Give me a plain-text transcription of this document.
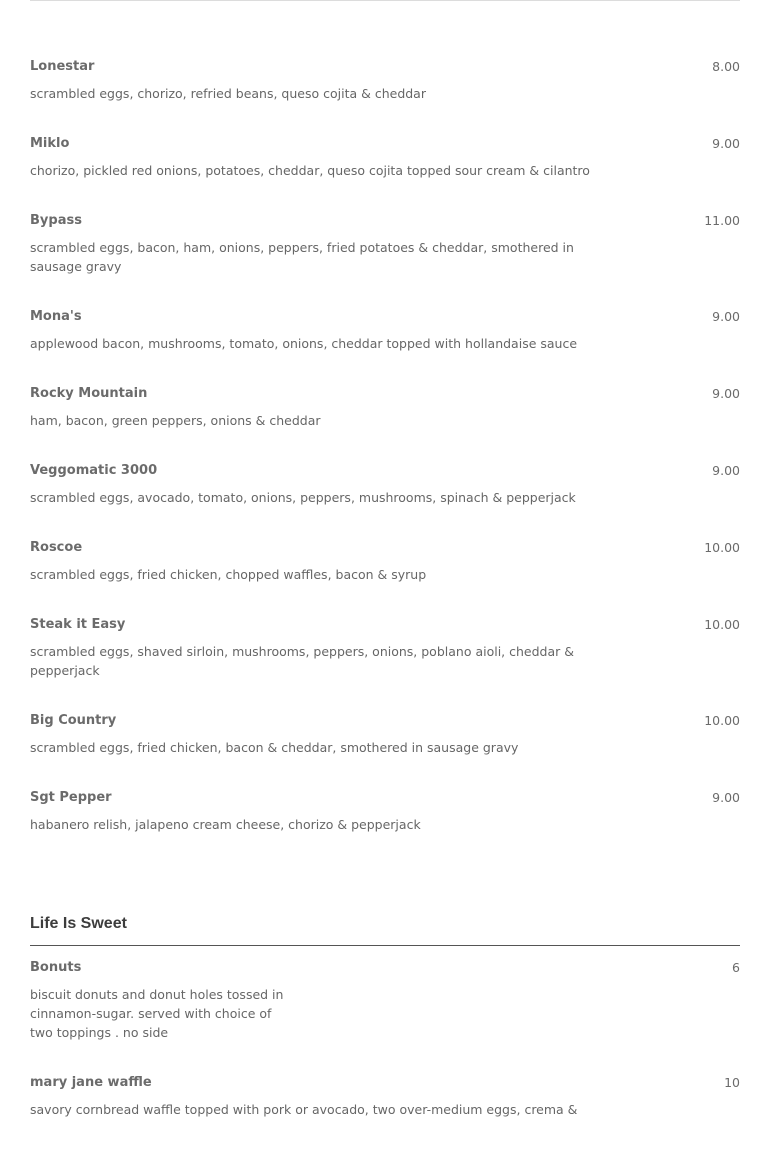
Lonestar	8.00
scrambled eggs, chorizo, refried beans, queso cojita & cheddar
Miklo	9.00
chorizo, pickled red onions, potatoes, cheddar, queso cojita topped sour cream & cilantro
Bypass	11.00
scrambled eggs, bacon, ham, onions, peppers, fried potatoes & cheddar, smothered in sausage gravy
Mona's	9.00
applewood bacon, mushrooms, tomato, onions, cheddar topped with hollandaise sauce
Rocky Mountain	9.00
ham, bacon, green peppers, onions & cheddar
Veggomatic 3000	9.00
scrambled eggs, avocado, tomato, onions, peppers, mushrooms, spinach & pepperjack
Roscoe	10.00
scrambled eggs, fried chicken, chopped waffles, bacon & syrup
Steak it Easy	10.00
scrambled eggs, shaved sirloin, mushrooms, peppers, onions, poblano aioli, cheddar & pepperjack
Big Country	10.00
scrambled eggs, fried chicken, bacon & cheddar, smothered in sausage gravy
Sgt Pepper	9.00
habanero relish, jalapeno cream cheese, chorizo & pepperjack
Life Is Sweet
Bonuts	6
biscuit donuts and donut holes tossed in cinnamon-sugar. served with choice of two toppings . no side
mary jane waffle	10
savory cornbread waffle topped with pork or avocado, two over-medium eggs, crema &
